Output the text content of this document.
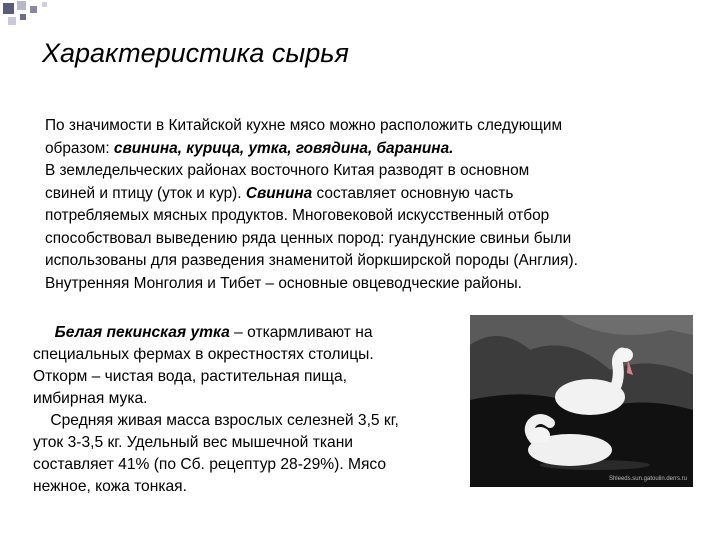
Характеристика сырья
По значимости в Китайской кухне мясо можно расположить следующим
образом: свинина, курица, утка, говядина, баранина.
В земледельческих районах восточного Китая разводят в основном
свиней и птицу (уток и кур). Свинина составляет основную часть
потребляемых мясных продуктов. Многовековой искусственный отбор
способствовал выведению ряда ценных пород: гуандунские свиньи были
использованы для разведения знаменитой йоркширской породы (Англия).
Внутренняя Монголия и Тибет – основные овцеводческие районы.
Белая пекинская утка – откармливают на
специальных фермах в окрестностях столицы.
Откорм – чистая вода, растительная пища,
имбирная мука.
Средняя живая масса взрослых селезней 3,5 кг,
уток 3-3,5 кг. Удельный вес мышечной ткани
составляет 41% (по Сб. рецептур 28-29%). Мясо
нежное, кожа тонкая.	Shleeds.sun.gatoulin.derrs.ru
